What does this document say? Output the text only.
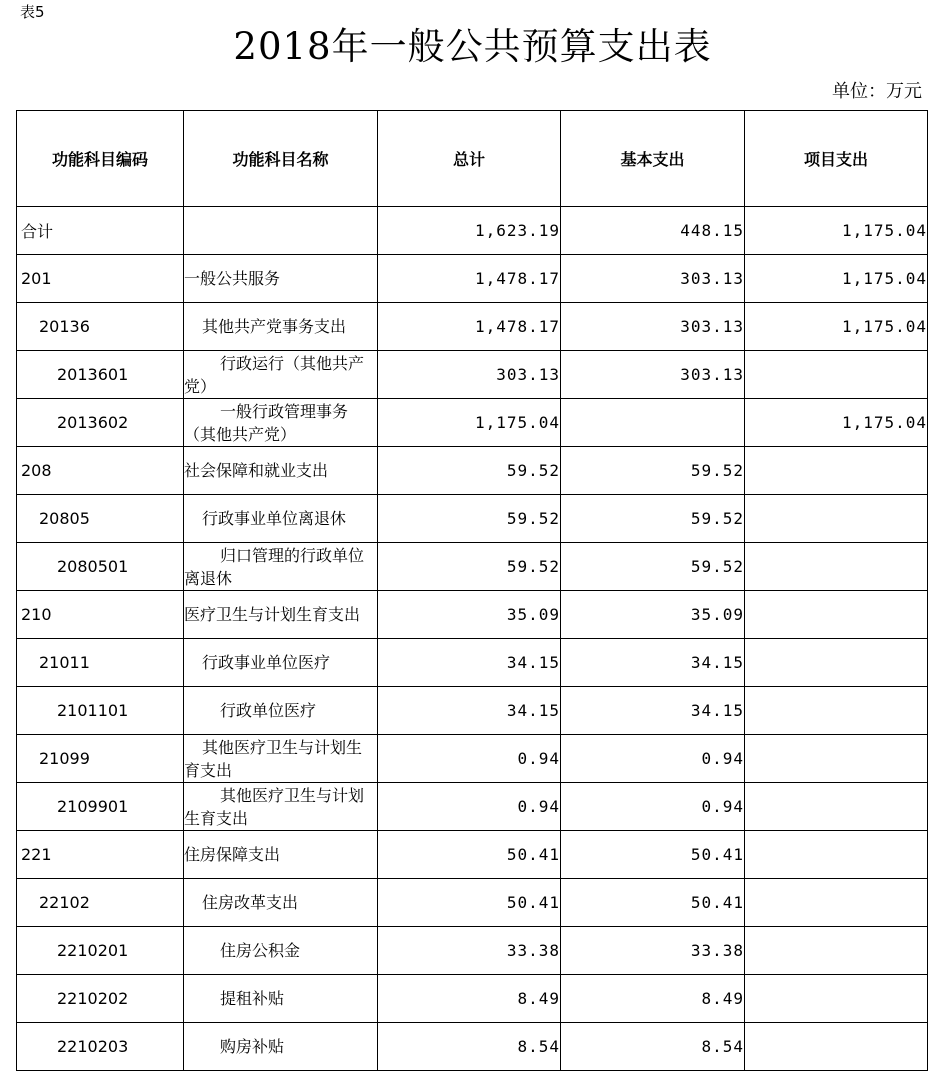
表5
2018年一般公共预算支出表
单位：万元
功能科目编码	功能科目名称	总计	基本支出	项目支出
合计		1,623.19	448.15	1,175.04
201	一般公共服务	1,478.17	303.13	1,175.04
20136	其他共产党事务支出	1,478.17	303.13	1,175.04
2013601	行政运行（其他共产党）	303.13	303.13	
2013602	一般行政管理事务（其他共产党）	1,175.04		1,175.04
208	社会保障和就业支出	59.52	59.52	
20805	行政事业单位离退休	59.52	59.52	
2080501	归口管理的行政单位离退休	59.52	59.52	
210	医疗卫生与计划生育支出	35.09	35.09	
21011	行政事业单位医疗	34.15	34.15	
2101101	行政单位医疗	34.15	34.15	
21099	其他医疗卫生与计划生育支出	0.94	0.94	
2109901	其他医疗卫生与计划生育支出	0.94	0.94	
221	住房保障支出	50.41	50.41	
22102	住房改革支出	50.41	50.41	
2210201	住房公积金	33.38	33.38	
2210202	提租补贴	8.49	8.49	
2210203	购房补贴	8.54	8.54	
